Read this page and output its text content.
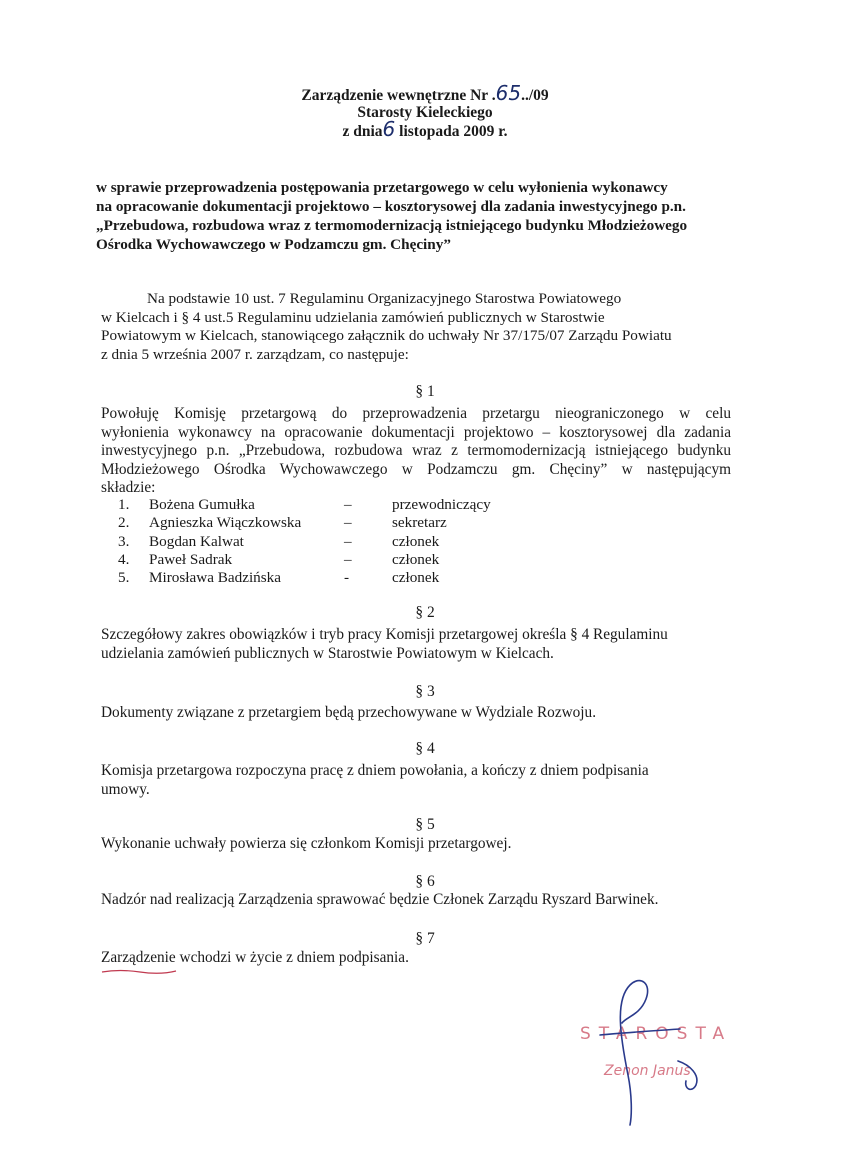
Zarządzenie wewnętrzne Nr .65../09
Starosty Kieleckiego
z dnia6 listopada 2009 r.
w sprawie przeprowadzenia postępowania przetargowego w celu wyłonienia wykonawcy
na opracowanie dokumentacji projektowo – kosztorysowej dla zadania inwestycyjnego p.n.
„Przebudowa, rozbudowa wraz z termomodernizacją istniejącego budynku Młodzieżowego
Ośrodka Wychowawczego w Podzamczu gm. Chęciny”
Na podstawie 10 ust. 7 Regulaminu Organizacyjnego Starostwa Powiatowego
w Kielcach i § 4 ust.5 Regulaminu udzielania zamówień publicznych w Starostwie
Powiatowym w Kielcach, stanowiącego załącznik do uchwały Nr 37/175/07 Zarządu Powiatu
z dnia 5 września 2007 r. zarządzam, co następuje:
§ 1
Powołuję Komisję przetargową do przeprowadzenia przetargu nieograniczonego w celu
wyłonienia wykonawcy na opracowanie dokumentacji projektowo – kosztorysowej dla zadania
inwestycyjnego p.n. „Przebudowa, rozbudowa wraz z termomodernizacją istniejącego budynku
Młodzieżowego Ośrodka Wychowawczego w Podzamczu gm. Chęciny” w następującym
składzie:
1.	Bożena Gumułka	–	przewodniczący
2.	Agnieszka Wiączkowska	–	sekretarz
3.	Bogdan Kalwat	–	członek
4.	Paweł Sadrak	–	członek
5.	Mirosława Badzińska	-	członek
§ 2
Szczegółowy zakres obowiązków i tryb pracy Komisji przetargowej określa § 4 Regulaminu
udzielania zamówień publicznych w Starostwie Powiatowym w Kielcach.
§ 3
Dokumenty związane z przetargiem będą przechowywane w Wydziale Rozwoju.
§ 4
Komisja przetargowa rozpoczyna pracę z dniem powołania, a kończy z dniem podpisania
umowy.
§ 5
Wykonanie uchwały powierza się członkom Komisji przetargowej.
§ 6
Nadzór nad realizacją Zarządzenia sprawować będzie Członek Zarządu Ryszard Barwinek.
§ 7
Zarządzenie wchodzi w życie z dniem podpisania.
STAROSTA
Zenon Janus
